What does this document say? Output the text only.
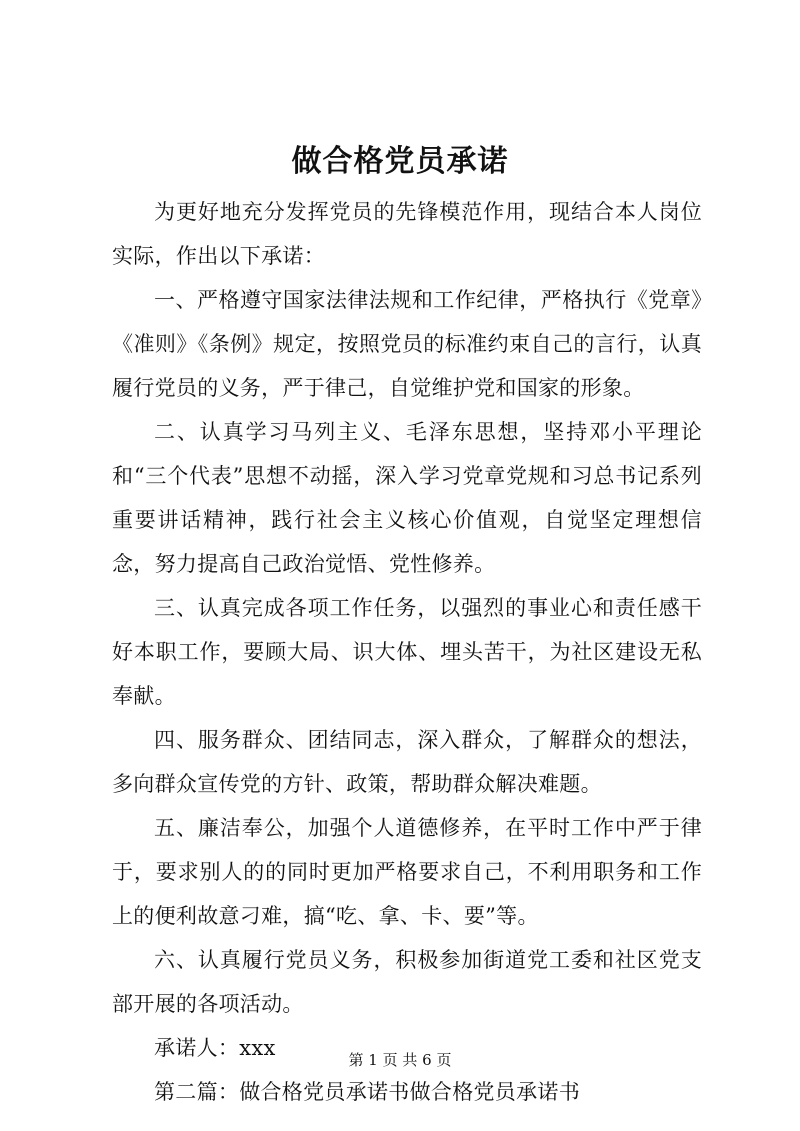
做合格党员承诺

为更好地充分发挥党员的先锋模范作用，现结合本人岗位实际，作出以下承诺：

一、严格遵守国家法律法规和工作纪律，严格执行《党章》《准则》《条例》规定，按照党员的标准约束自己的言行，认真履行党员的义务，严于律己，自觉维护党和国家的形象。

二、认真学习马列主义、毛泽东思想，坚持邓小平理论和“三个代表”思想不动摇，深入学习党章党规和习总书记系列重要讲话精神，践行社会主义核心价值观，自觉坚定理想信念，努力提高自己政治觉悟、党性修养。

三、认真完成各项工作任务，以强烈的事业心和责任感干好本职工作，要顾大局、识大体、埋头苦干，为社区建设无私奉献。

四、服务群众、团结同志，深入群众，了解群众的想法，多向群众宣传党的方针、政策，帮助群众解决难题。

五、廉洁奉公，加强个人道德修养，在平时工作中严于律于，要求别人的的同时更加严格要求自己，不利用职务和工作上的便利故意刁难，搞“吃、拿、卡、要”等。

六、认真履行党员义务，积极参加街道党工委和社区党支部开展的各项活动。

承诺人：xxx

第二篇：做合格党员承诺书做合格党员承诺书

第 1 页 共 6 页
